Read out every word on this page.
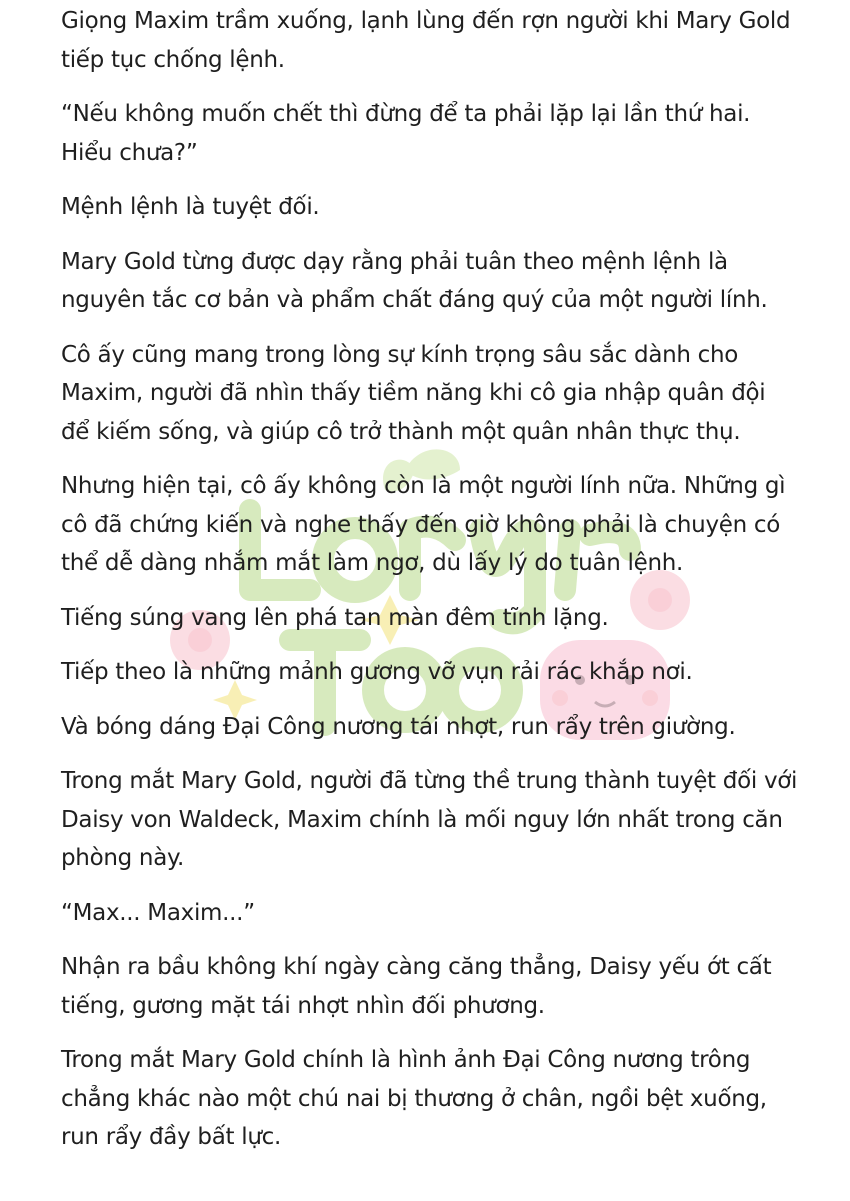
Giọng Maxim trầm xuống, lạnh lùng đến rợn người khi Mary Gold tiếp tục chống lệnh.

“Nếu không muốn chết thì đừng để ta phải lặp lại lần thứ hai. Hiểu chưa?”

Mệnh lệnh là tuyệt đối.

Mary Gold từng được dạy rằng phải tuân theo mệnh lệnh là nguyên tắc cơ bản và phẩm chất đáng quý của một người lính.

Cô ấy cũng mang trong lòng sự kính trọng sâu sắc dành cho Maxim, người đã nhìn thấy tiềm năng khi cô gia nhập quân đội để kiếm sống, và giúp cô trở thành một quân nhân thực thụ.

Nhưng hiện tại, cô ấy không còn là một người lính nữa. Những gì cô đã chứng kiến và nghe thấy đến giờ không phải là chuyện có thể dễ dàng nhắm mắt làm ngơ, dù lấy lý do tuân lệnh.

Tiếng súng vang lên phá tan màn đêm tĩnh lặng.

Tiếp theo là những mảnh gương vỡ vụn rải rác khắp nơi.

Và bóng dáng Đại Công nương tái nhợt, run rẩy trên giường.

Trong mắt Mary Gold, người đã từng thề trung thành tuyệt đối với Daisy von Waldeck, Maxim chính là mối nguy lớn nhất trong căn phòng này.

“Max... Maxim...”

Nhận ra bầu không khí ngày càng căng thẳng, Daisy yếu ớt cất tiếng, gương mặt tái nhợt nhìn đối phương.

Trong mắt Mary Gold chính là hình ảnh Đại Công nương trông chẳng khác nào một chú nai bị thương ở chân, ngồi bệt xuống, run rẩy đầy bất lực.
